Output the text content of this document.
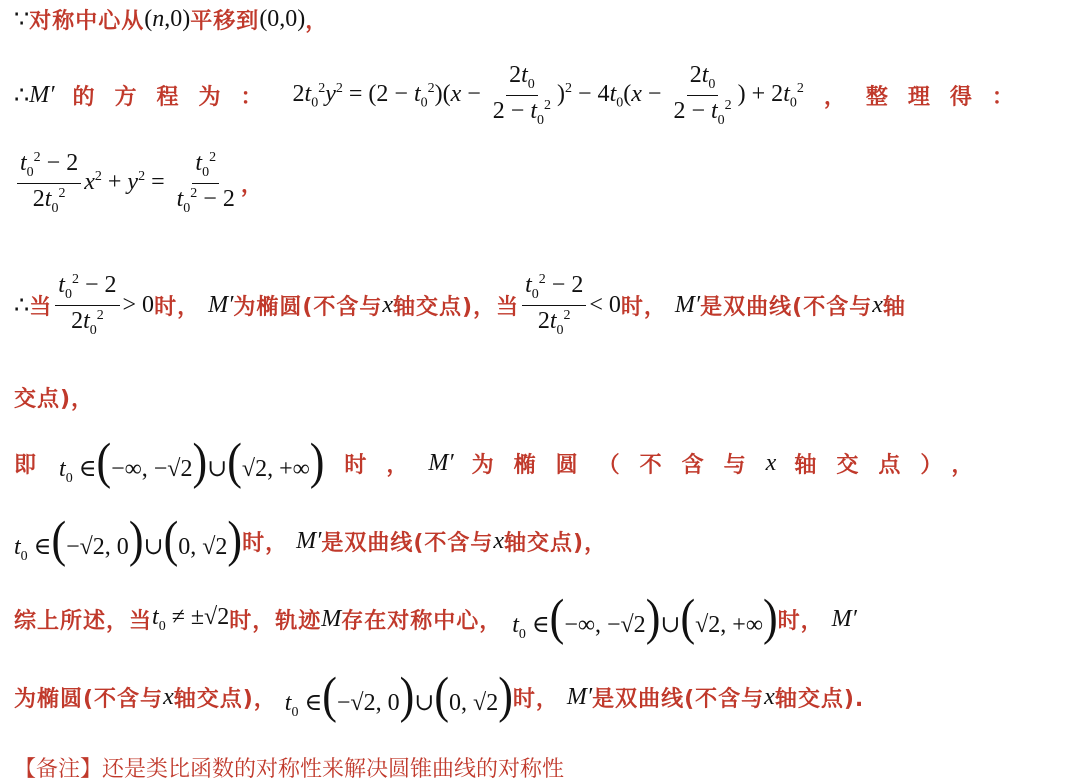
∵ 对称中心从 (n,0) 平移到 (0,0) ，
∴ M′ 的方程为： $2t_0^2y^2 = (2 - t_0^2)(x - \frac{2t_0}{2 - t_0^2} )^2 - 4t_0(x - \frac{2t_0}{2 - t_0^2}$ ) + $2t_0^2$ ，整理得：
$\frac{t_0^2 - 2}{2t_0^2} x^2 + y^2 = \frac{t_0^2}{t_0^2 - 2}$ ，
∴ 当 $\frac{t_0^2 - 2}{2t_0^2} > 0$ 时， M′ 为椭圆(不含与 x 轴交点)，当 $\frac{t_0^2 - 2}{2t_0^2} < 0$ 时， M′ 是双曲线(不含与 x 轴
交点)，
即 $t_0$ ∈(−∞, −√2)∪(√2, +∞) 时， M′ 为椭圆（不含与 x 轴交点），
$t_0$ ∈(−√2, 0)∪(0, √2) 时， M′ 是双曲线(不含与 x 轴交点)，
综上所述，当 $t_0 \ne \pm√2$ 时，轨迹 M 存在对称中心， $t_0$ ∈(−∞, −√2)∪(√2, +∞) 时， M′
为椭圆(不含与 x 轴交点)， $t_0$ ∈(−√2, 0)∪(0, √2) 时， M′ 是双曲线(不含与 x 轴交点).
【备注】还是类比函数的对称性来解决圆锥曲线的对称性
